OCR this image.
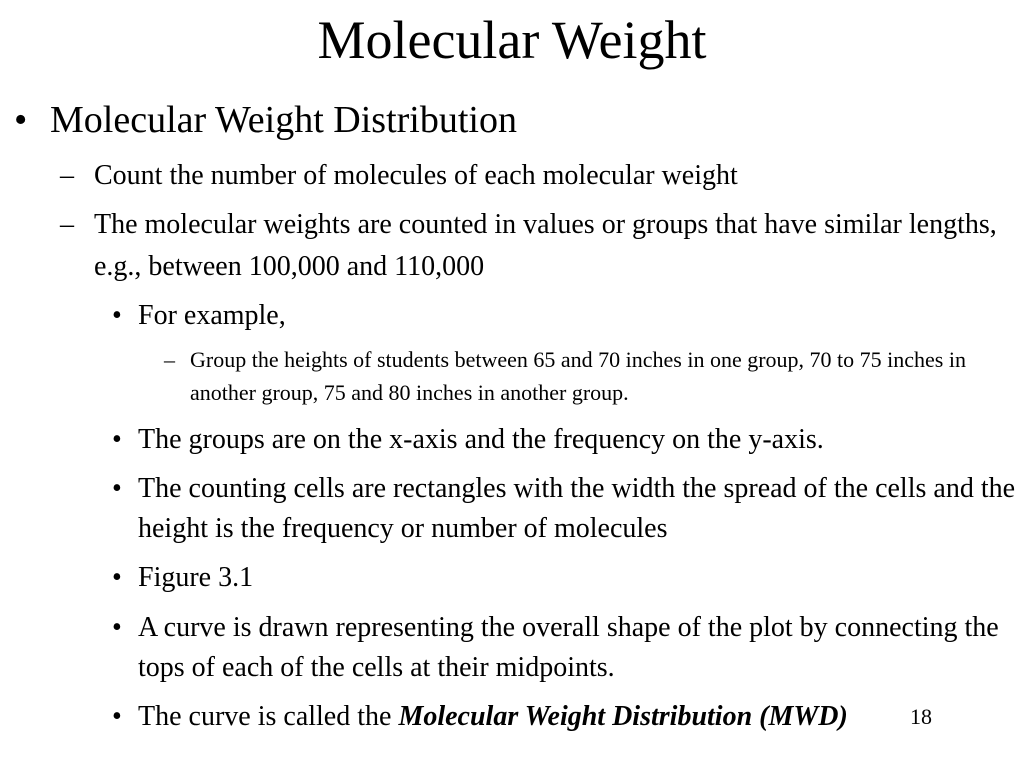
Molecular Weight
• Molecular Weight Distribution
– Count the number of molecules of each molecular weight
– The molecular weights are counted in values or groups that have similar lengths, e.g., between 100,000 and 110,000
• For example,
– Group the heights of students between 65 and 70 inches in one group, 70 to 75 inches in another group, 75 and 80 inches in another group.
• The groups are on the x-axis and the frequency on the y-axis.
• The counting cells are rectangles with the width the spread of the cells and the height is the frequency or number of molecules
• Figure 3.1
• A curve is drawn representing the overall shape of the plot by connecting the tops of each of the cells at their midpoints.
• The curve is called the Molecular Weight Distribution (MWD)	18
